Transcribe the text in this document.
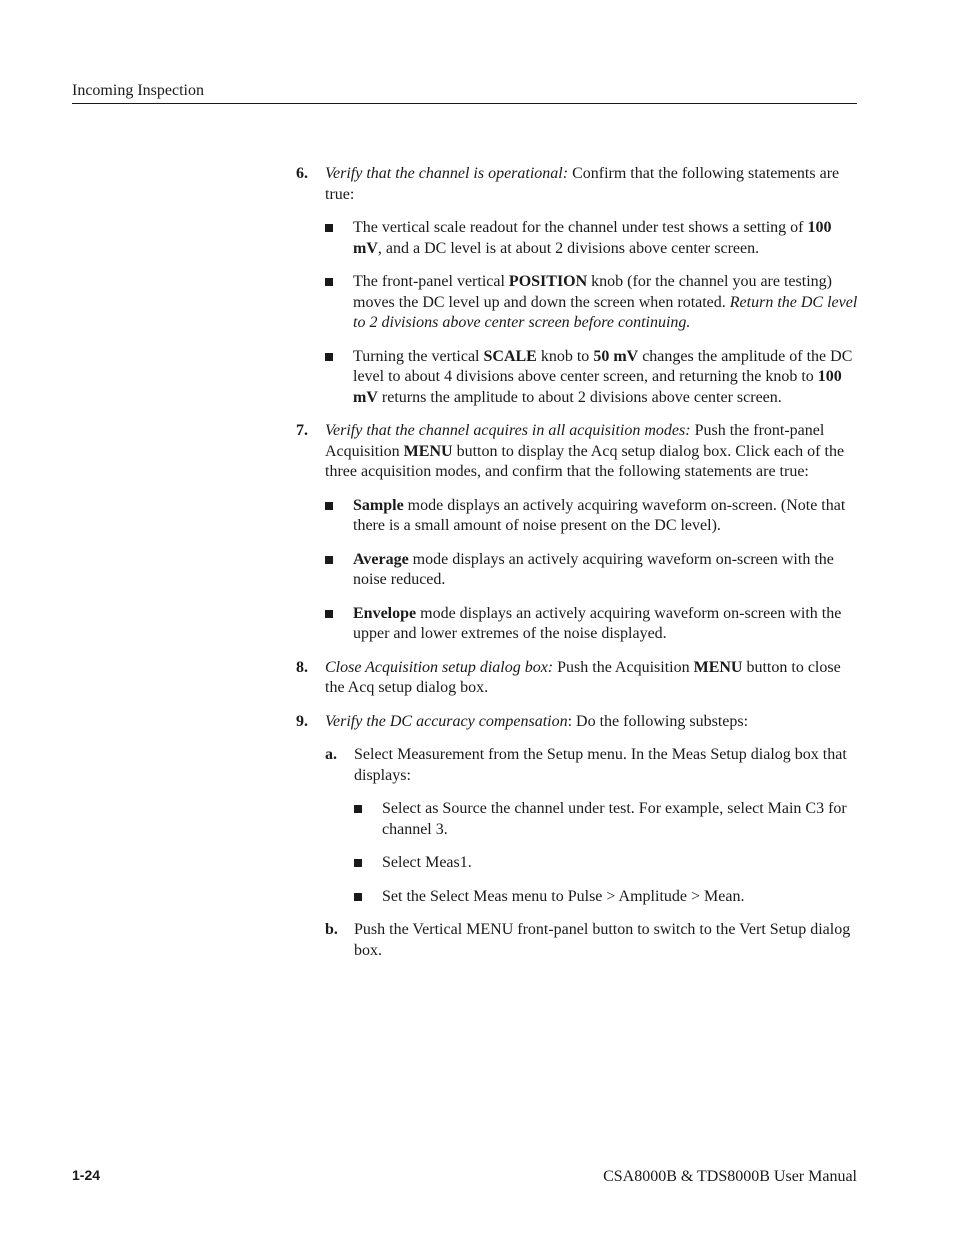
Incoming Inspection
6. Verify that the channel is operational: Confirm that the following statements are true:
The vertical scale readout for the channel under test shows a setting of 100 mV, and a DC level is at about 2 divisions above center screen.
The front-panel vertical POSITION knob (for the channel you are testing) moves the DC level up and down the screen when rotated. Return the DC level to 2 divisions above center screen before continuing.
Turning the vertical SCALE knob to 50 mV changes the amplitude of the DC level to about 4 divisions above center screen, and returning the knob to 100 mV returns the amplitude to about 2 divisions above center screen.
7. Verify that the channel acquires in all acquisition modes: Push the front-panel Acquisition MENU button to display the Acq setup dialog box. Click each of the three acquisition modes, and confirm that the following statements are true:
Sample mode displays an actively acquiring waveform on-screen. (Note that there is a small amount of noise present on the DC level).
Average mode displays an actively acquiring waveform on-screen with the noise reduced.
Envelope mode displays an actively acquiring waveform on-screen with the upper and lower extremes of the noise displayed.
8. Close Acquisition setup dialog box: Push the Acquisition MENU button to close the Acq setup dialog box.
9. Verify the DC accuracy compensation: Do the following substeps:
a. Select Measurement from the Setup menu. In the Meas Setup dialog box that displays:
Select as Source the channel under test. For example, select Main C3 for channel 3.
Select Meas1.
Set the Select Meas menu to Pulse > Amplitude > Mean.
b. Push the Vertical MENU front-panel button to switch to the Vert Setup dialog box.
1-24	CSA8000B & TDS8000B User Manual
